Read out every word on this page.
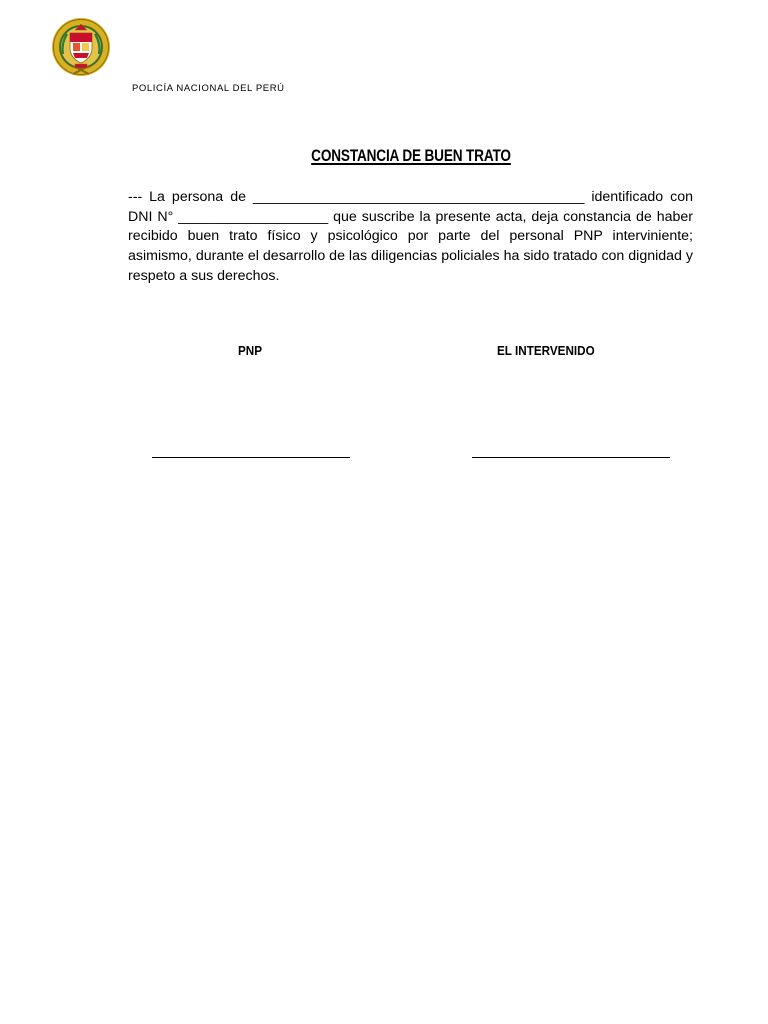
POLICÍA NACIONAL DEL PERÚ
CONSTANCIA DE BUEN TRATO
--- La persona de __________________________________________ identificado con DNI N° ___________________ que suscribe la presente acta, deja constancia de haber recibido buen trato físico y psicológico por parte del personal PNP interviniente; asimismo, durante el desarrollo de las diligencias policiales ha sido tratado con dignidad y respeto a sus derechos.
PNP	EL INTERVENIDO
